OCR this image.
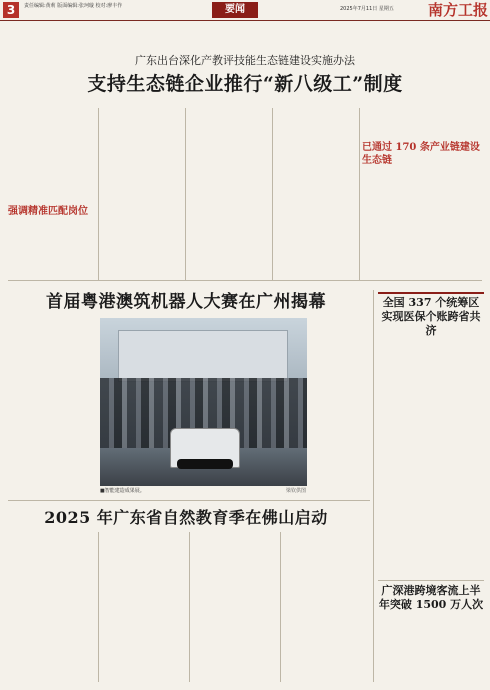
3	责任编辑:黄莉 版面编辑:张珂璇 校对:廖丰作	要闻	2025年7月11日 星期五	南方工报
广东出台深化产教评技能生态链建设实施办法
支持生态链企业推行“新八级工”制度
强调精准匹配岗位
已通过 170 条产业链建设生态链
首届粤港澳筑机器人大赛在广州揭幕
■智能建造成果展。	梁钦供图
全国 337 个统筹区实现医保个账跨省共济
广深港跨境客流上半年突破 1500 万人次
2025 年广东省自然教育季在佛山启动
